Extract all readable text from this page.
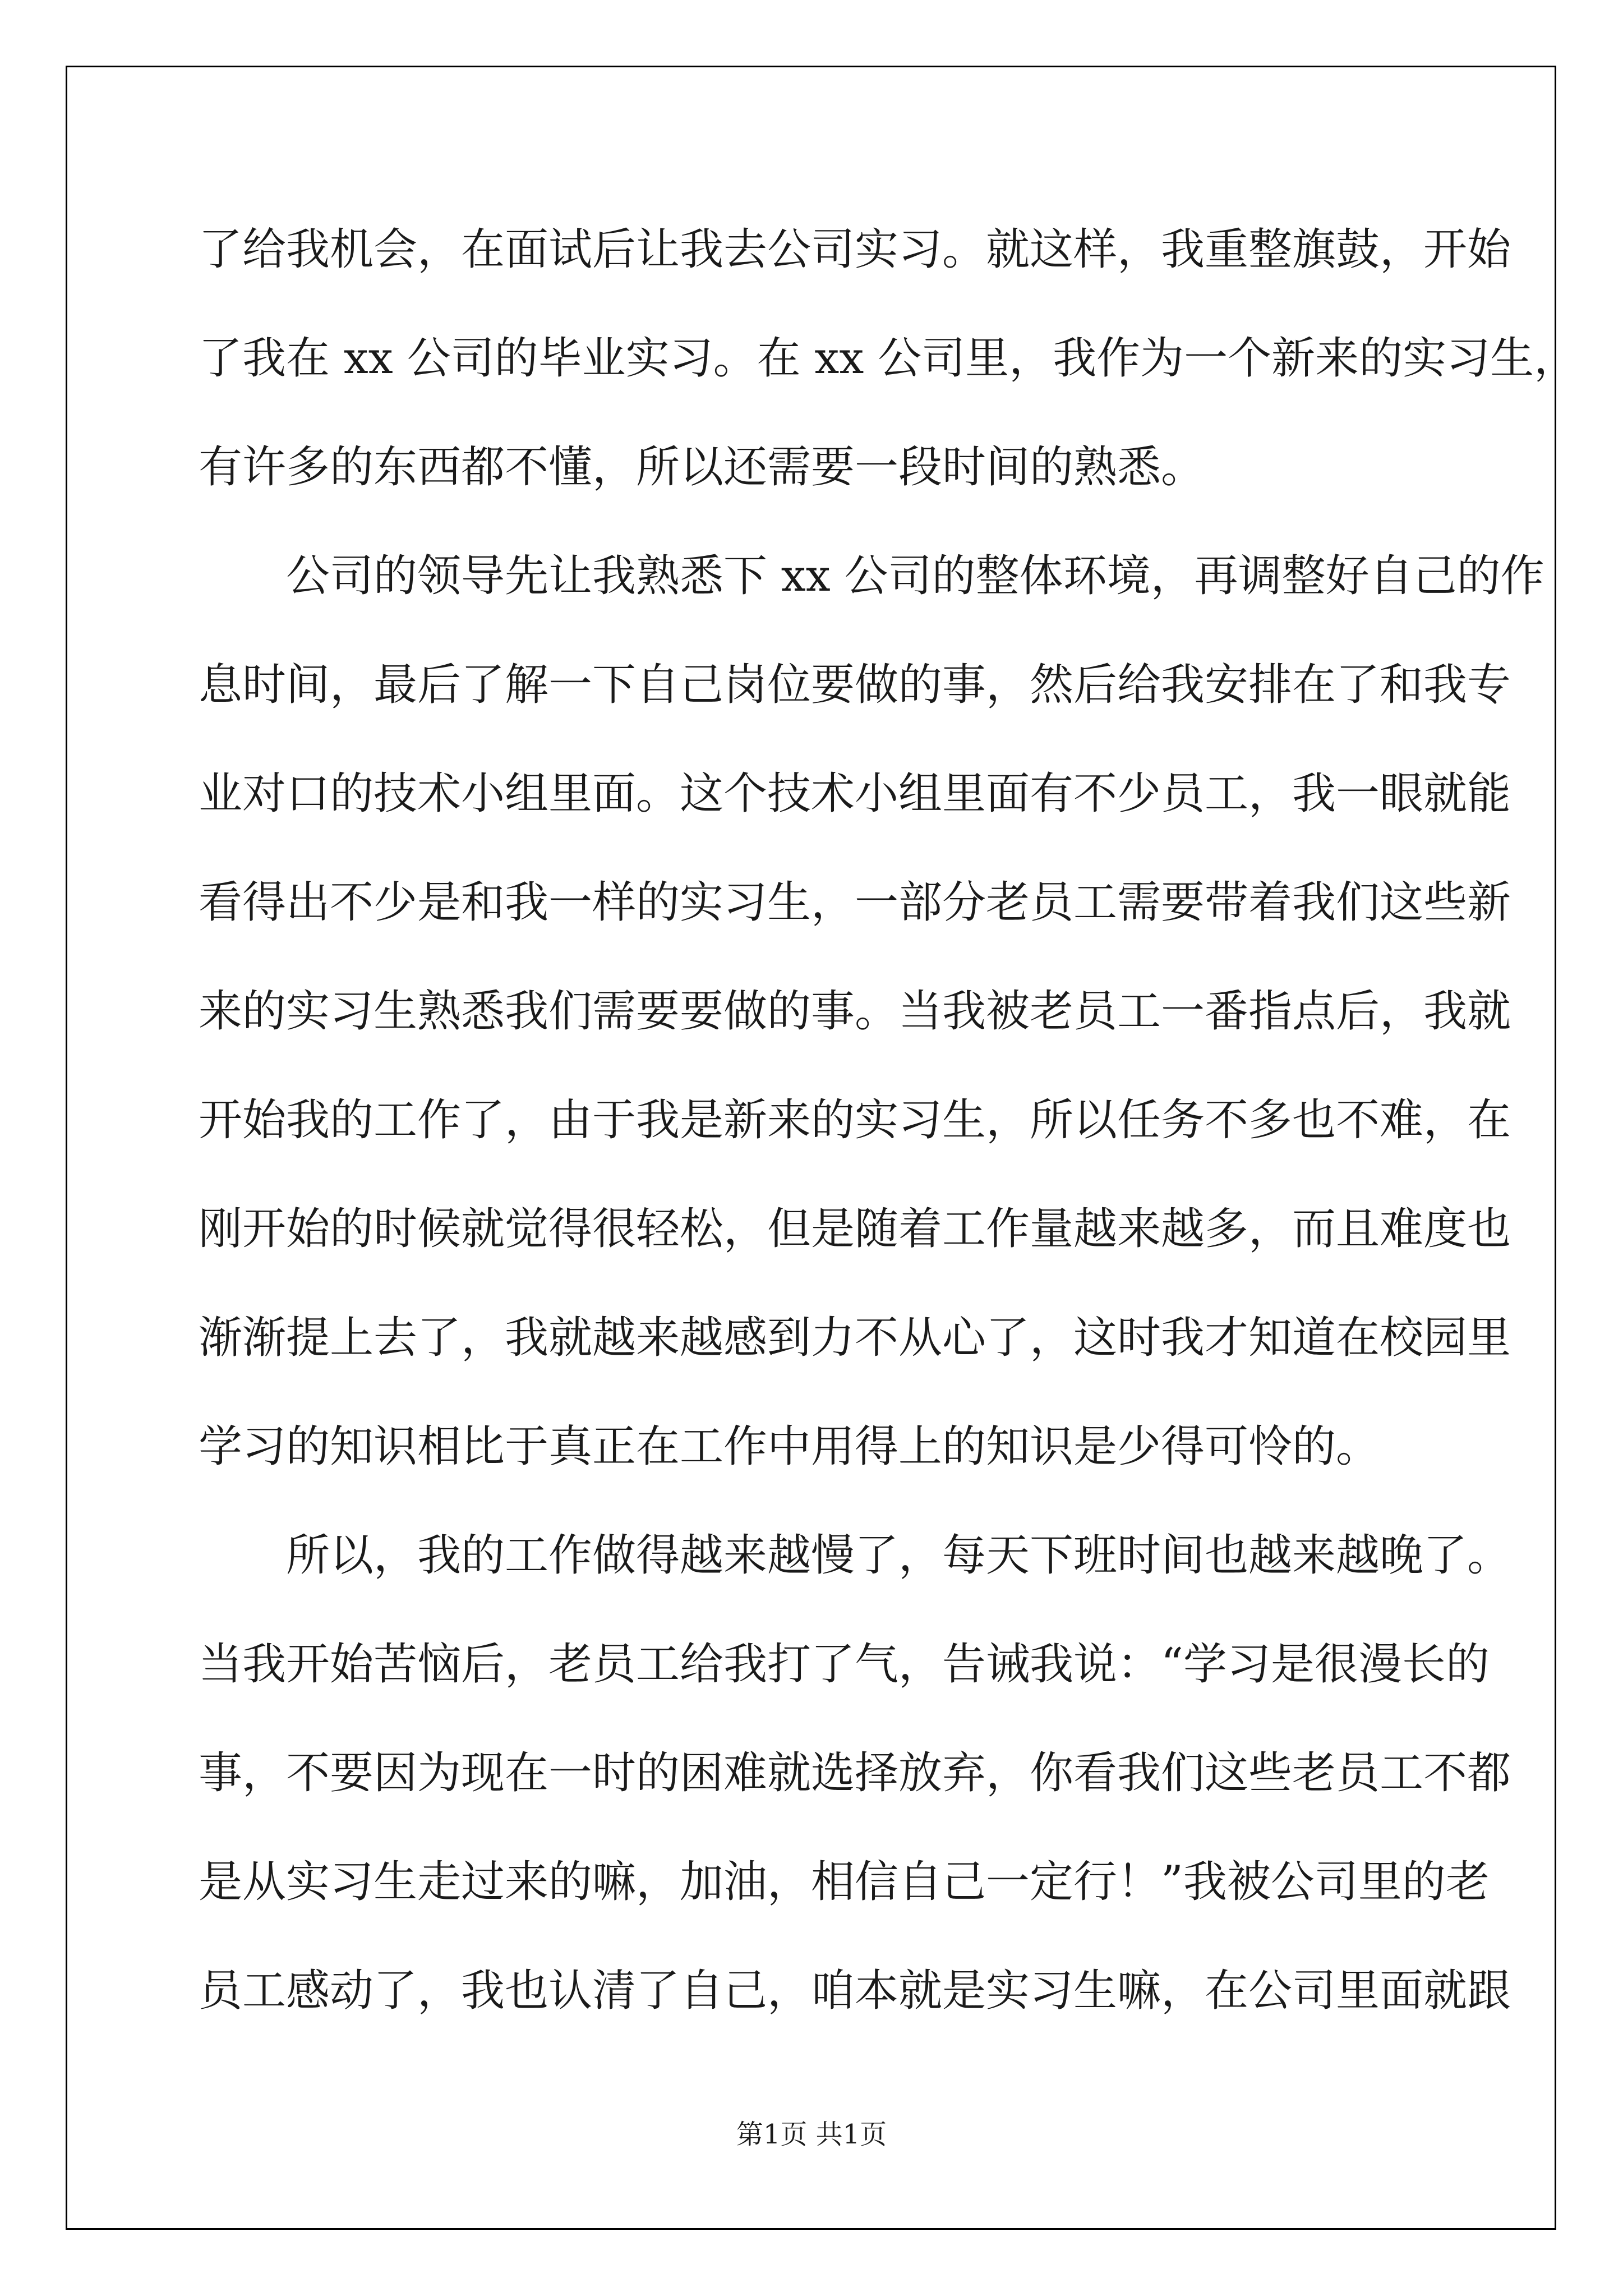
了给我机会，在面试后让我去公司实习。就这样，我重整旗鼓，开始
了我在 xx 公司的毕业实习。在 xx 公司里，我作为一个新来的实习生，
有许多的东西都不懂，所以还需要一段时间的熟悉。
公司的领导先让我熟悉下 xx 公司的整体环境，再调整好自己的作
息时间，最后了解一下自己岗位要做的事，然后给我安排在了和我专
业对口的技术小组里面。这个技术小组里面有不少员工，我一眼就能
看得出不少是和我一样的实习生，一部分老员工需要带着我们这些新
来的实习生熟悉我们需要要做的事。当我被老员工一番指点后，我就
开始我的工作了，由于我是新来的实习生，所以任务不多也不难，在
刚开始的时候就觉得很轻松，但是随着工作量越来越多，而且难度也
渐渐提上去了，我就越来越感到力不从心了，这时我才知道在校园里
学习的知识相比于真正在工作中用得上的知识是少得可怜的。
所以，我的工作做得越来越慢了，每天下班时间也越来越晚了。
当我开始苦恼后，老员工给我打了气，告诫我说：“学习是很漫长的
事，不要因为现在一时的困难就选择放弃，你看我们这些老员工不都
是从实习生走过来的嘛，加油，相信自己一定行！”我被公司里的老
员工感动了，我也认清了自己，咱本就是实习生嘛，在公司里面就跟
第1页 共1页
